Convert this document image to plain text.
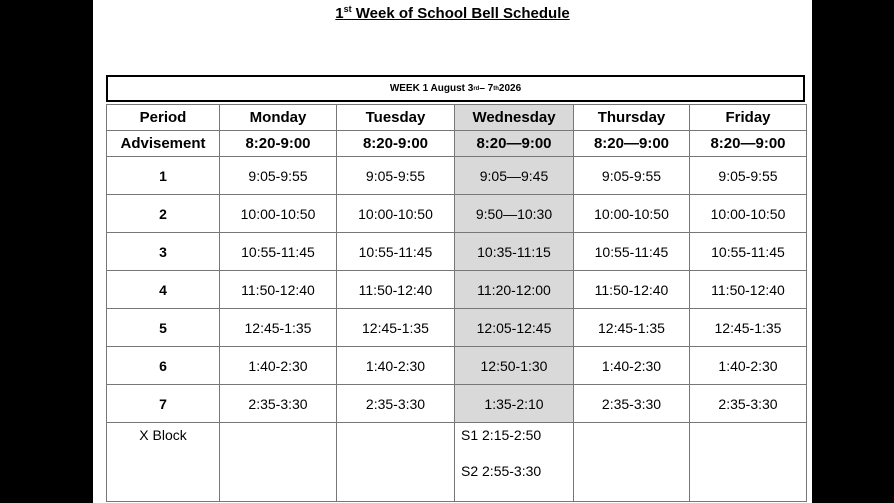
1st Week of School Bell Schedule
WEEK 1 August 3 rd – 7 th 2026
Period	Monday	Tuesday	Wednesday	Thursday	Friday
Advisement	8:20-9:00	8:20-9:00	8:20—9:00	8:20—9:00	8:20—9:00
1	9:05-9:55	9:05-9:55	9:05—9:45	9:05-9:55	9:05-9:55
2	10:00-10:50	10:00-10:50	9:50—10:30	10:00-10:50	10:00-10:50
3	10:55-11:45	10:55-11:45	10:35-11:15	10:55-11:45	10:55-11:45
4	11:50-12:40	11:50-12:40	11:20-12:00	11:50-12:40	11:50-12:40
5	12:45-1:35	12:45-1:35	12:05-12:45	12:45-1:35	12:45-1:35
6	1:40-2:30	1:40-2:30	12:50-1:30	1:40-2:30	1:40-2:30
7	2:35-3:30	2:35-3:30	1:35-2:10	2:35-3:30	2:35-3:30

X Block			S1 2:15-2:50
S2 2:55-3:30		
